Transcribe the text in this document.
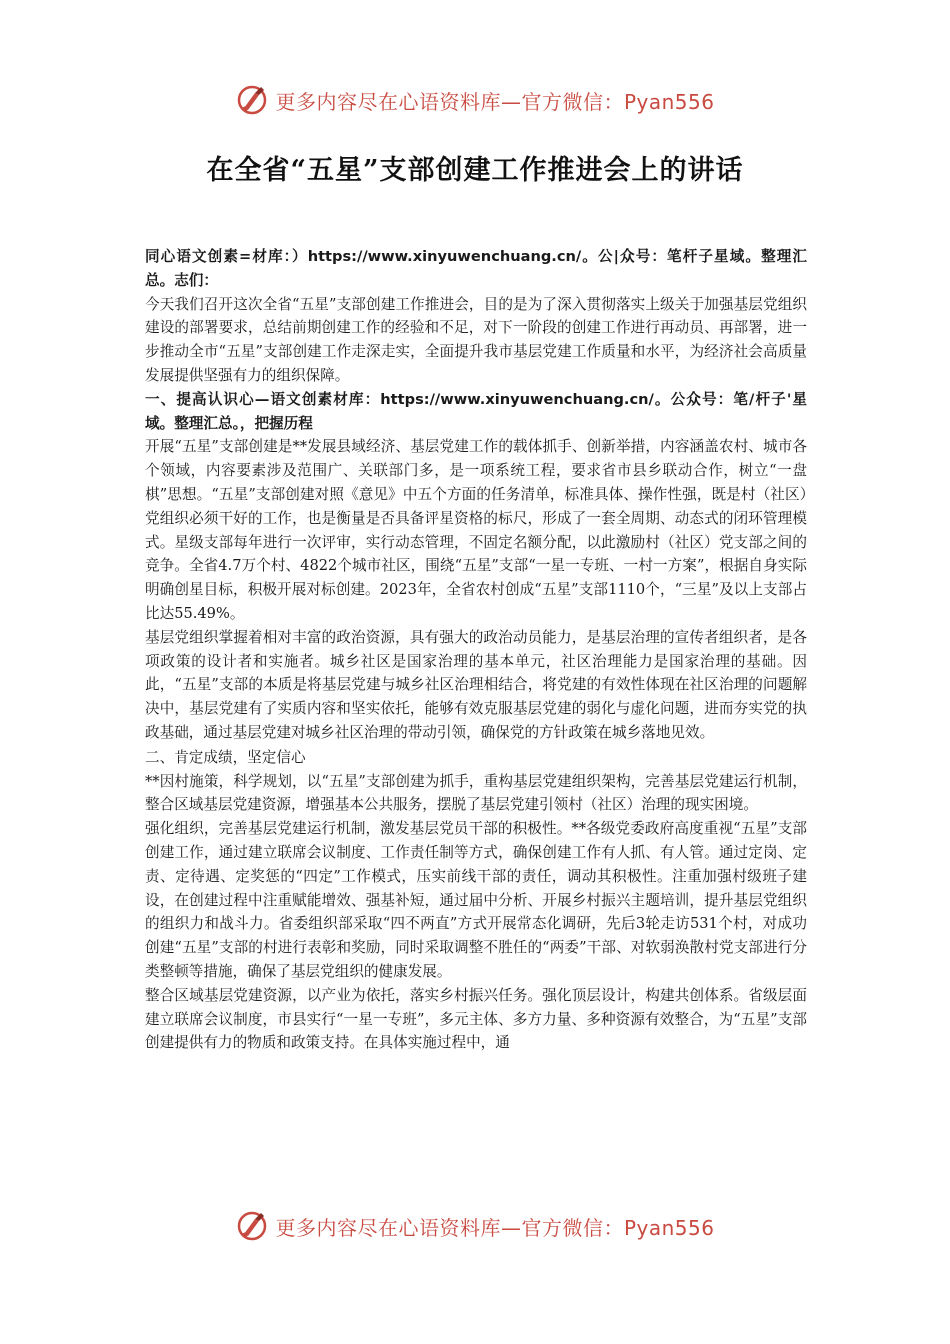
更多内容尽在心语资料库—官方微信：Pyan556
在全省“五星”支部创建工作推进会上的讲话

同心语文创素=材库：）https://www.xinyuwenchuang.cn/。公|众号：笔杆子星域。整理汇总。志们：

今天我们召开这次全省“五星”支部创建工作推进会，目的是为了深入贯彻落实上级关于加强基层党组织建设的部署要求，总结前期创建工作的经验和不足，对下一阶段的创建工作进行再动员、再部署，进一步推动全市“五星”支部创建工作走深走实，全面提升我市基层党建工作质量和水平，为经济社会高质量发展提供坚强有力的组织保障。

一、提高认识心—语文创素材库：https://www.xinyuwenchuang.cn/。公众号：笔/杆子'星域。整理汇总。，把握历程

开展“五星”支部创建是**发展县域经济、基层党建工作的载体抓手、创新举措，内容涵盖农村、城市各个领域，内容要素涉及范围广、关联部门多，是一项系统工程，要求省市县乡联动合作，树立“一盘棋”思想。“五星”支部创建对照《意见》中五个方面的任务清单，标准具体、操作性强，既是村（社区）党组织必须干好的工作，也是衡量是否具备评星资格的标尺，形成了一套全周期、动态式的闭环管理模式。星级支部每年进行一次评审，实行动态管理，不固定名额分配，以此激励村（社区）党支部之间的竞争。全省4.7万个村、4822个城市社区，围绕“五星”支部“一星一专班、一村一方案”，根据自身实际明确创星目标，积极开展对标创建。2023年，全省农村创成“五星”支部1110个，“三星”及以上支部占比达55.49%。

基层党组织掌握着相对丰富的政治资源，具有强大的政治动员能力，是基层治理的宣传者组织者，是各项政策的设计者和实施者。城乡社区是国家治理的基本单元，社区治理能力是国家治理的基础。因此，“五星”支部的本质是将基层党建与城乡社区治理相结合，将党建的有效性体现在社区治理的问题解决中，基层党建有了实质内容和坚实依托，能够有效克服基层党建的弱化与虚化问题，进而夯实党的执政基础，通过基层党建对城乡社区治理的带动引领，确保党的方针政策在城乡落地见效。

二、肯定成绩，坚定信心

**因村施策，科学规划，以“五星”支部创建为抓手，重构基层党建组织架构，完善基层党建运行机制，整合区域基层党建资源，增强基本公共服务，摆脱了基层党建引领村（社区）治理的现实困境。

强化组织，完善基层党建运行机制，激发基层党员干部的积极性。**各级党委政府高度重视“五星”支部创建工作，通过建立联席会议制度、工作责任制等方式，确保创建工作有人抓、有人管。通过定岗、定责、定待遇、定奖惩的“四定”工作模式，压实前线干部的责任，调动其积极性。注重加强村级班子建设，在创建过程中注重赋能增效、强基补短，通过届中分析、开展乡村振兴主题培训，提升基层党组织的组织力和战斗力。省委组织部采取“四不两直”方式开展常态化调研，先后3轮走访531个村，对成功创建“五星”支部的村进行表彰和奖励，同时采取调整不胜任的“两委”干部、对软弱涣散村党支部进行分类整顿等措施，确保了基层党组织的健康发展。

整合区域基层党建资源，以产业为依托，落实乡村振兴任务。强化顶层设计，构建共创体系。省级层面建立联席会议制度，市县实行“一星一专班”，多元主体、多方力量、多种资源有效整合，为“五星”支部创建提供有力的物质和政策支持。在具体实施过程中，通

更多内容尽在心语资料库—官方微信：Pyan556
